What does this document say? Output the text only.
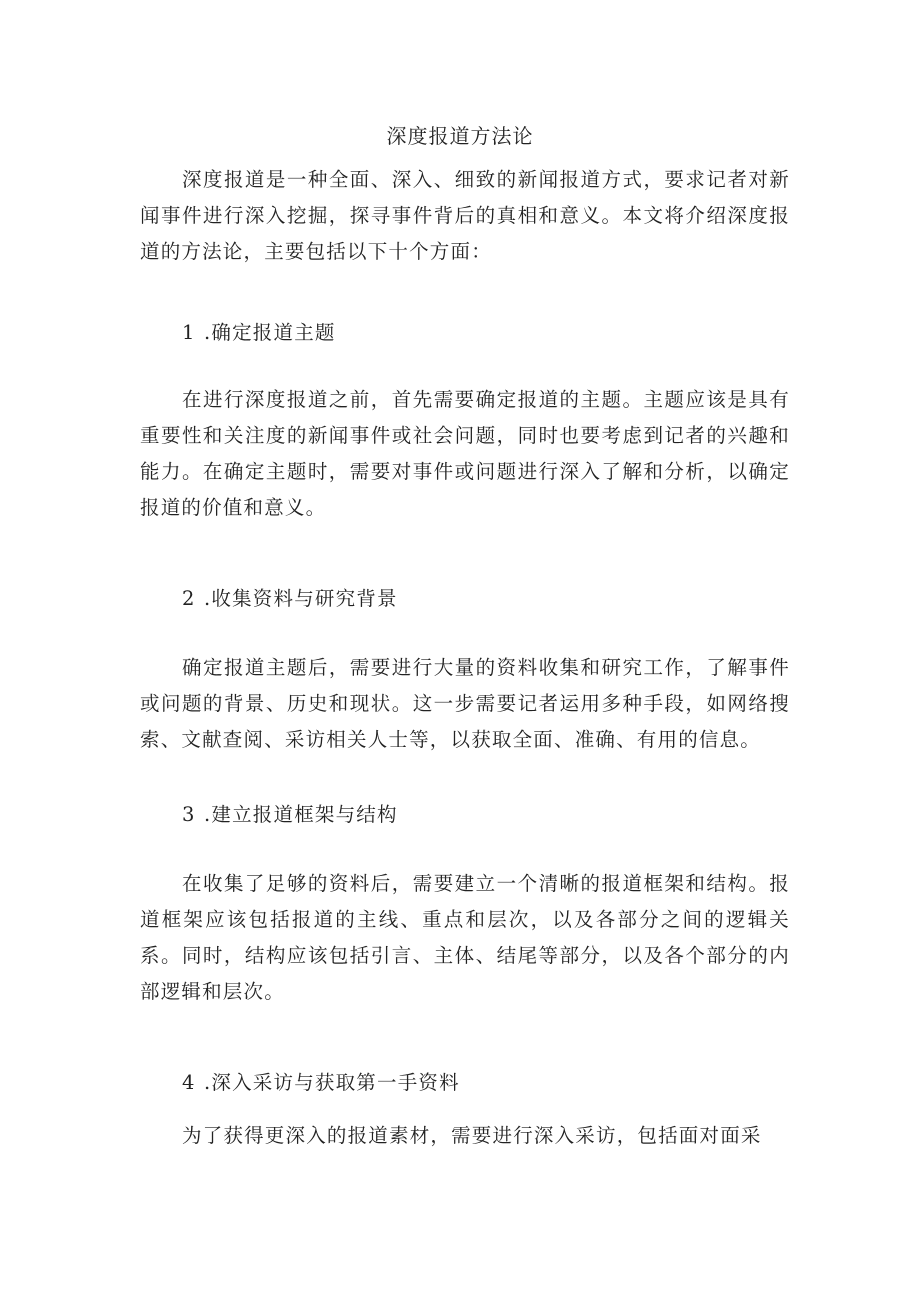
深度报道方法论

深度报道是一种全面、深入、细致的新闻报道方式，要求记者对新闻事件进行深入挖掘，探寻事件背后的真相和意义。本文将介绍深度报道的方法论，主要包括以下十个方面：

1 .确定报道主题

在进行深度报道之前，首先需要确定报道的主题。主题应该是具有重要性和关注度的新闻事件或社会问题，同时也要考虑到记者的兴趣和能力。在确定主题时，需要对事件或问题进行深入了解和分析，以确定报道的价值和意义。

2 .收集资料与研究背景

确定报道主题后，需要进行大量的资料收集和研究工作，了解事件或问题的背景、历史和现状。这一步需要记者运用多种手段，如网络搜索、文献查阅、采访相关人士等，以获取全面、准确、有用的信息。

3 .建立报道框架与结构

在收集了足够的资料后，需要建立一个清晰的报道框架和结构。报道框架应该包括报道的主线、重点和层次，以及各部分之间的逻辑关系。同时，结构应该包括引言、主体、结尾等部分，以及各个部分的内部逻辑和层次。

4 .深入采访与获取第一手资料

为了获得更深入的报道素材，需要进行深入采访，包括面对面采
